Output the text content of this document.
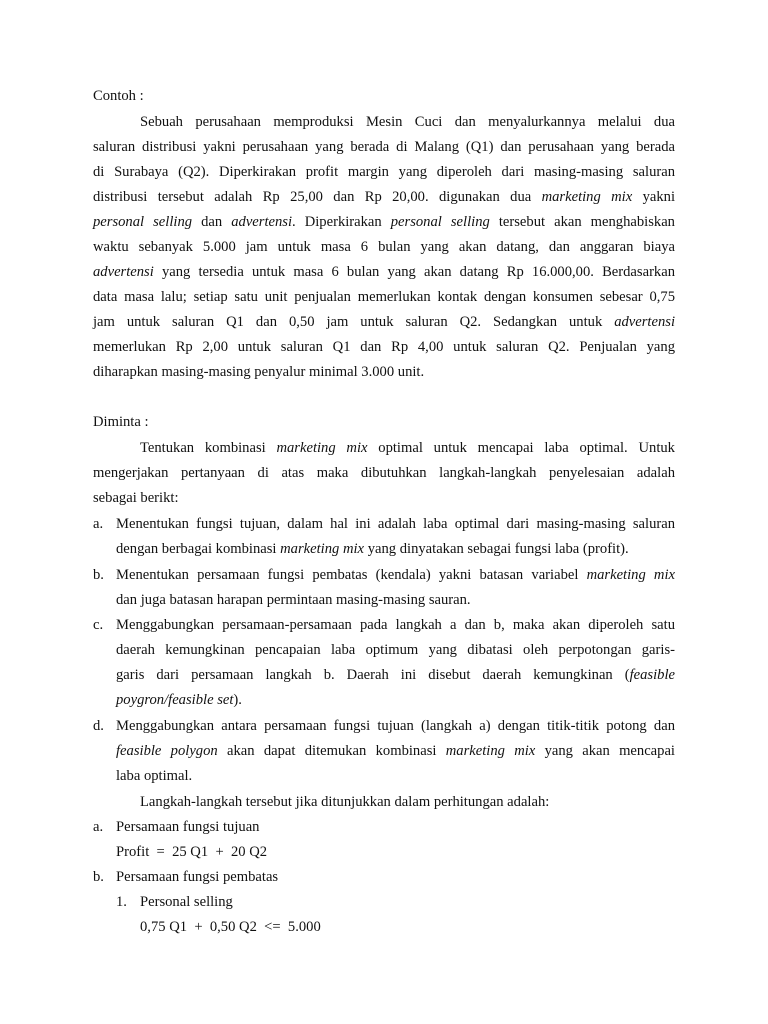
Contoh :
Sebuah perusahaan memproduksi Mesin Cuci dan menyalurkannya melalui dua
saluran distribusi yakni perusahaan yang berada di Malang (Q1) dan perusahaan yang berada
di Surabaya (Q2). Diperkirakan profit margin yang diperoleh dari masing-masing saluran
distribusi tersebut adalah Rp 25,00 dan Rp 20,00. digunakan dua marketing mix yakni
personal selling dan advertensi. Diperkirakan personal selling tersebut akan menghabiskan
waktu sebanyak 5.000 jam untuk masa 6 bulan yang akan datang, dan anggaran biaya
advertensi yang tersedia untuk masa 6 bulan yang akan datang Rp 16.000,00. Berdasarkan
data masa lalu; setiap satu unit penjualan memerlukan kontak dengan konsumen sebesar 0,75
jam untuk saluran Q1 dan 0,50 jam untuk saluran Q2. Sedangkan untuk advertensi
memerlukan Rp 2,00 untuk saluran Q1 dan Rp 4,00 untuk saluran Q2. Penjualan yang
diharapkan masing-masing penyalur minimal 3.000 unit.
Diminta :
Tentukan kombinasi marketing mix optimal untuk mencapai laba optimal. Untuk
mengerjakan pertanyaan di atas maka dibutuhkan langkah-langkah penyelesaian adalah
sebagai berikt:
a. Menentukan fungsi tujuan, dalam hal ini adalah laba optimal dari masing-masing saluran
dengan berbagai kombinasi marketing mix yang dinyatakan sebagai fungsi laba (profit).
b. Menentukan persamaan fungsi pembatas (kendala) yakni batasan variabel marketing mix
dan juga batasan harapan permintaan masing-masing sauran.
c. Menggabungkan persamaan-persamaan pada langkah a dan b, maka akan diperoleh satu
daerah kemungkinan pencapaian laba optimum yang dibatasi oleh perpotongan garis-
garis dari persamaan langkah b. Daerah ini disebut daerah kemungkinan (feasible
poygron/feasible set).
d. Menggabungkan antara persamaan fungsi tujuan (langkah a) dengan titik-titik potong dan
feasible polygon akan dapat ditemukan kombinasi marketing mix yang akan mencapai
laba optimal.
Langkah-langkah tersebut jika ditunjukkan dalam perhitungan adalah:
a. Persamaan fungsi tujuan
Profit  =  25 Q1  +  20 Q2
b. Persamaan fungsi pembatas
1. Personal selling
0,75 Q1  +  0,50 Q2  <=  5.000
